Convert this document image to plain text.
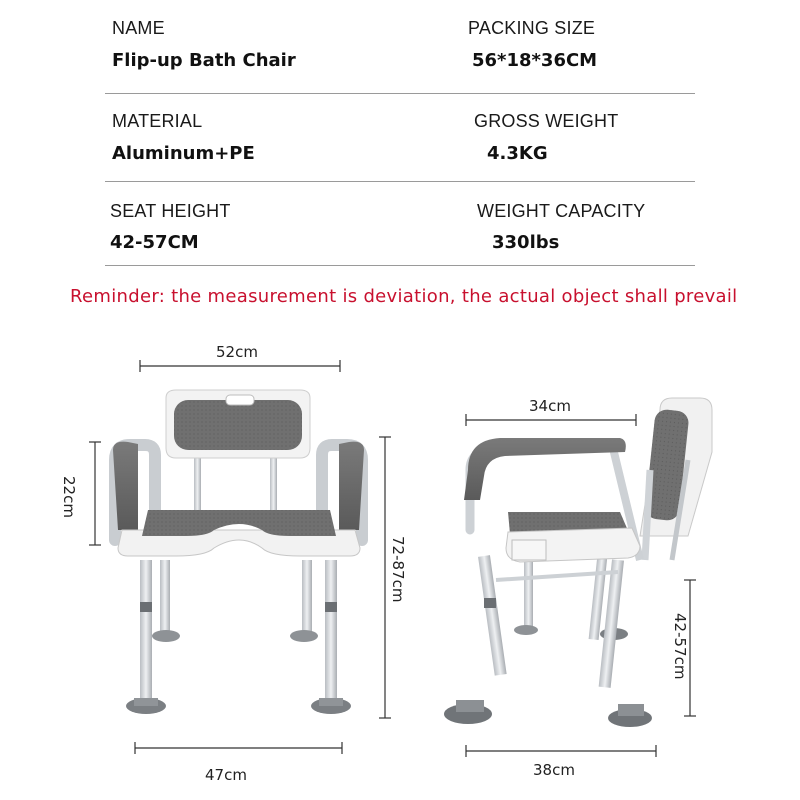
NAME
Flip-up Bath Chair
PACKING SIZE
56*18*36CM
MATERIAL
Aluminum+PE
GROSS WEIGHT
4.3KG
SEAT HEIGHT
42-57CM
WEIGHT CAPACITY
330lbs
Reminder: the measurement is deviation, the actual object shall prevail
52cm
22cm
72-87cm
47cm
34cm
42-57cm
38cm
